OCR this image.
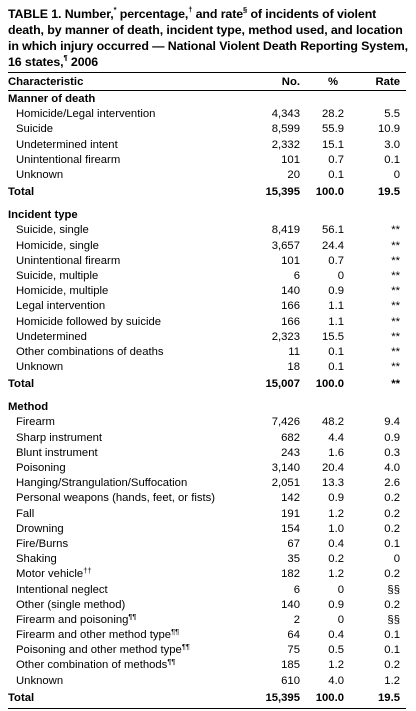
TABLE 1. Number,* percentage,† and rate§ of incidents of violent death, by manner of death, incident type, method used, and location in which injury occurred — National Violent Death Reporting System, 16 states,¶ 2006
Characteristic	No.	%	Rate
Manner of death			
Homicide/Legal intervention	4,343	28.2	5.5
Suicide	8,599	55.9	10.9
Undetermined intent	2,332	15.1	3.0
Unintentional firearm	101	0.7	0.1
Unknown	20	0.1	0
Total	15,395	100.0	19.5

Incident type			
Suicide, single	8,419	56.1	**
Homicide, single	3,657	24.4	**
Unintentional firearm	101	0.7	**
Suicide, multiple	6	0	**
Homicide, multiple	140	0.9	**
Legal intervention	166	1.1	**
Homicide followed by suicide	166	1.1	**
Undetermined	2,323	15.5	**
Other combinations of deaths	11	0.1	**
Unknown	18	0.1	**
Total	15,007	100.0	**

Method			
Firearm	7,426	48.2	9.4
Sharp instrument	682	4.4	0.9
Blunt instrument	243	1.6	0.3
Poisoning	3,140	20.4	4.0
Hanging/Strangulation/Suffocation	2,051	13.3	2.6
Personal weapons (hands, feet, or fists)	142	0.9	0.2
Fall	191	1.2	0.2
Drowning	154	1.0	0.2
Fire/Burns	67	0.4	0.1
Shaking	35	0.2	0
Motor vehicle††	182	1.2	0.2
Intentional neglect	6	0	§§
Other (single method)	140	0.9	0.2
Firearm and poisoning¶¶	2	0	§§
Firearm and other method type¶¶	64	0.4	0.1
Poisoning and other method type¶¶	75	0.5	0.1
Other combination of methods¶¶	185	1.2	0.2
Unknown	610	4.0	1.2
Total	15,395	100.0	19.5
